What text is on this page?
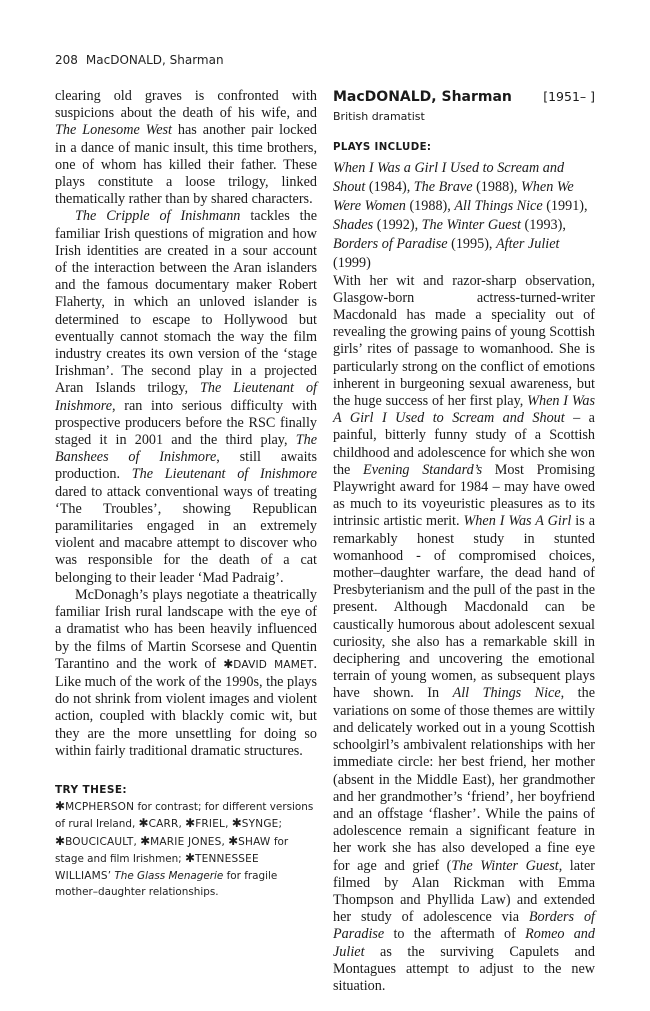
208 MacDONALD, Sharman

clearing old graves is confronted with suspicions about the death of his wife, and The Lonesome West has another pair locked in a dance of manic insult, this time brothers, one of whom has killed their father. These plays constitute a loose trilogy, linked thematically rather than by shared characters.

The Cripple of Inishmann tackles the familiar Irish questions of migration and how Irish identities are created in a sour account of the interaction between the Aran islanders and the famous documentary maker Robert Flaherty, in which an unloved islander is determined to escape to Hollywood but eventually cannot stomach the way the film industry creates its own version of the ‘stage Irishman’. The second play in a projected Aran Islands trilogy, The Lieutenant of Inishmore, ran into serious difficulty with prospective producers before the RSC finally staged it in 2001 and the third play, The Banshees of Inishmore, still awaits production. The Lieutenant of Inishmore dared to attack conventional ways of treating ‘The Troubles’, showing Republican paramilitaries engaged in an extremely violent and macabre attempt to discover who was responsible for the death of a cat belonging to their leader ‘Mad Padraig’.

McDonagh’s plays negotiate a theatrically familiar Irish rural landscape with the eye of a dramatist who has been heavily influenced by the films of Martin Scorsese and Quentin Tarantino and the work of ✱DAVID MAMET. Like much of the work of the 1990s, the plays do not shrink from violent images and violent action, coupled with blackly comic wit, but they are the more unsettling for doing so within fairly traditional dramatic structures.

TRY THESE:
✱MCPHERSON for contrast; for different versions of rural Ireland, ✱CARR, ✱FRIEL, ✱SYNGE; ✱BOUCICAULT, ✱MARIE JONES, ✱SHAW for stage and film Irishmen; ✱TENNESSEE WILLIAMS’ The Glass Menagerie for fragile mother–daughter relationships.
MacDONALD, Sharman	[1951– ]
British dramatist
PLAYS INCLUDE:
When I Was a Girl I Used to Scream and Shout (1984), The Brave (1988), When We Were Women (1988), All Things Nice (1991), Shades (1992), The Winter Guest (1993), Borders of Paradise (1995), After Juliet (1999)

With her wit and razor-sharp observation, Glasgow-born actress-turned-writer Macdonald has made a speciality out of revealing the growing pains of young Scottish girls’ rites of passage to womanhood. She is particularly strong on the conflict of emotions inherent in burgeoning sexual awareness, but the huge success of her first play, When I Was A Girl I Used to Scream and Shout – a painful, bitterly funny study of a Scottish childhood and adolescence for which she won the Evening Standard’s Most Promising Playwright award for 1984 – may have owed as much to its voyeuristic pleasures as to its intrinsic artistic merit. When I Was A Girl is a remarkably honest study in stunted womanhood - of compromised choices, mother–daughter warfare, the dead hand of Presbyterianism and the pull of the past in the present. Although Macdonald can be caustically humorous about adolescent sexual curiosity, she also has a remarkable skill in deciphering and uncovering the emotional terrain of young women, as subsequent plays have shown. In All Things Nice, the variations on some of those themes are wittily and delicately worked out in a young Scottish schoolgirl’s ambivalent relationships with her immediate circle: her best friend, her mother (absent in the Middle East), her grandmother and her grandmother’s ‘friend’, her boyfriend and an offstage ‘flasher’. While the pains of adolescence remain a significant feature in her work she has also developed a fine eye for age and grief (The Winter Guest, later filmed by Alan Rickman with Emma Thompson and Phyllida Law) and extended her study of adolescence via Borders of Paradise to the aftermath of Romeo and Juliet as the surviving Capulets and Montagues attempt to adjust to the new situation.
